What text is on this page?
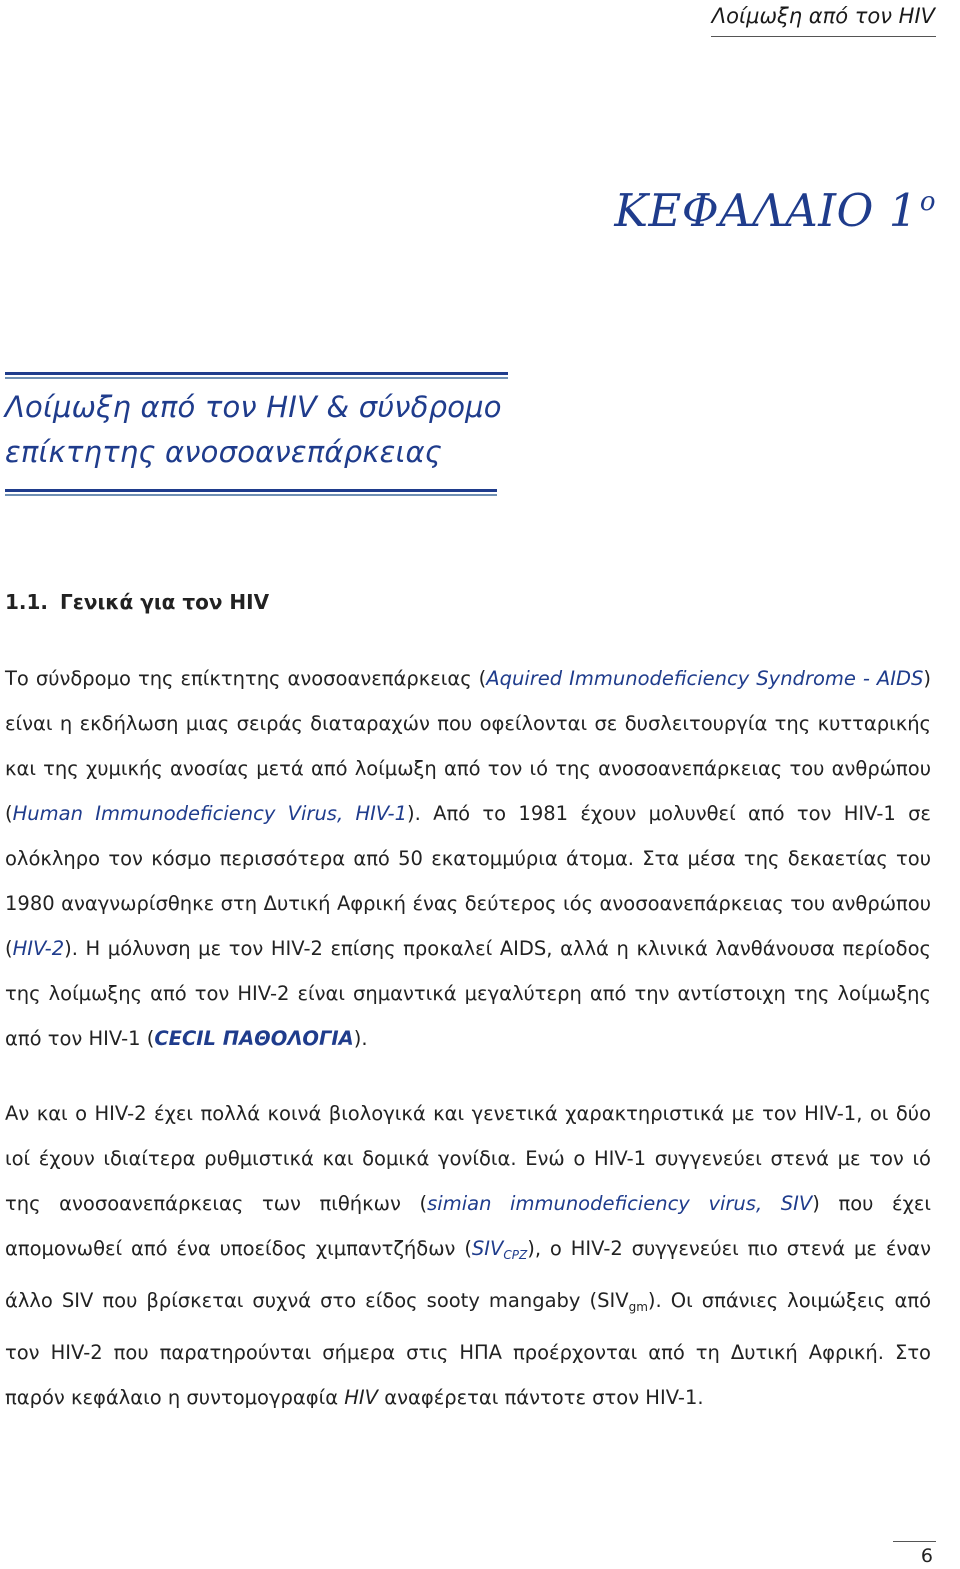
Λοίμωξη από τον HIV
ΚΕΦΑΛΑΙΟ $1^o$
Λοίμωξη από τον HIV & σύνδρομο
επίκτητης ανοσοανεπάρκειας
1.1. Γενικά για τον HIV
Το σύνδρομο της επίκτητης ανοσοανεπάρκειας (Aquired Immunodeficiency Syndrome - AIDS) είναι η εκδήλωση μιας σειράς διαταραχών που οφείλονται σε δυσλειτουργία της κυτταρικής και της χυμικής ανοσίας μετά από λοίμωξη από τον ιό της ανοσοανεπάρκειας του ανθρώπου (Human Immunodeficiency Virus, HIV-1). Από το 1981 έχουν μολυνθεί από τον HIV-1 σε ολόκληρο τον κόσμο περισσότερα από 50 εκατομμύρια άτομα. Στα μέσα της δεκαετίας του 1980 αναγνωρίσθηκε στη Δυτική Αφρική ένας δεύτερος ιός ανοσοανεπάρκειας του ανθρώπου (HIV-2). Η μόλυνση με τον HIV-2 επίσης προκαλεί AIDS, αλλά η κλινικά λανθάνουσα περίοδος της λοίμωξης από τον HIV-2 είναι σημαντικά μεγαλύτερη από την αντίστοιχη της λοίμωξης από τον HIV-1 (CECIL ΠΑΘΟΛΟΓΙΑ).
Αν και ο HIV-2 έχει πολλά κοινά βιολογικά και γενετικά χαρακτηριστικά με τον HIV-1, οι δύο ιοί έχουν ιδιαίτερα ρυθμιστικά και δομικά γονίδια. Ενώ ο HIV-1 συγγενεύει στενά με τον ιό της ανοσοανεπάρκειας των πιθήκων (simian immunodeficiency virus, SIV) που έχει απομονωθεί από ένα υποείδος χιμπαντζήδων $(SIV_{CPZ})$, ο HIV-2 συγγενεύει πιο στενά με έναν άλλο SIV που βρίσκεται συχνά στο είδος sooty mangaby $(SIV_{gm})$. Οι σπάνιες λοιμώξεις από τον HIV-2 που παρατηρούνται σήμερα στις ΗΠΑ προέρχονται από τη Δυτική Αφρική. Στο παρόν κεφάλαιο η συντομογραφία HIV αναφέρεται πάντοτε στον HIV-1.
6
